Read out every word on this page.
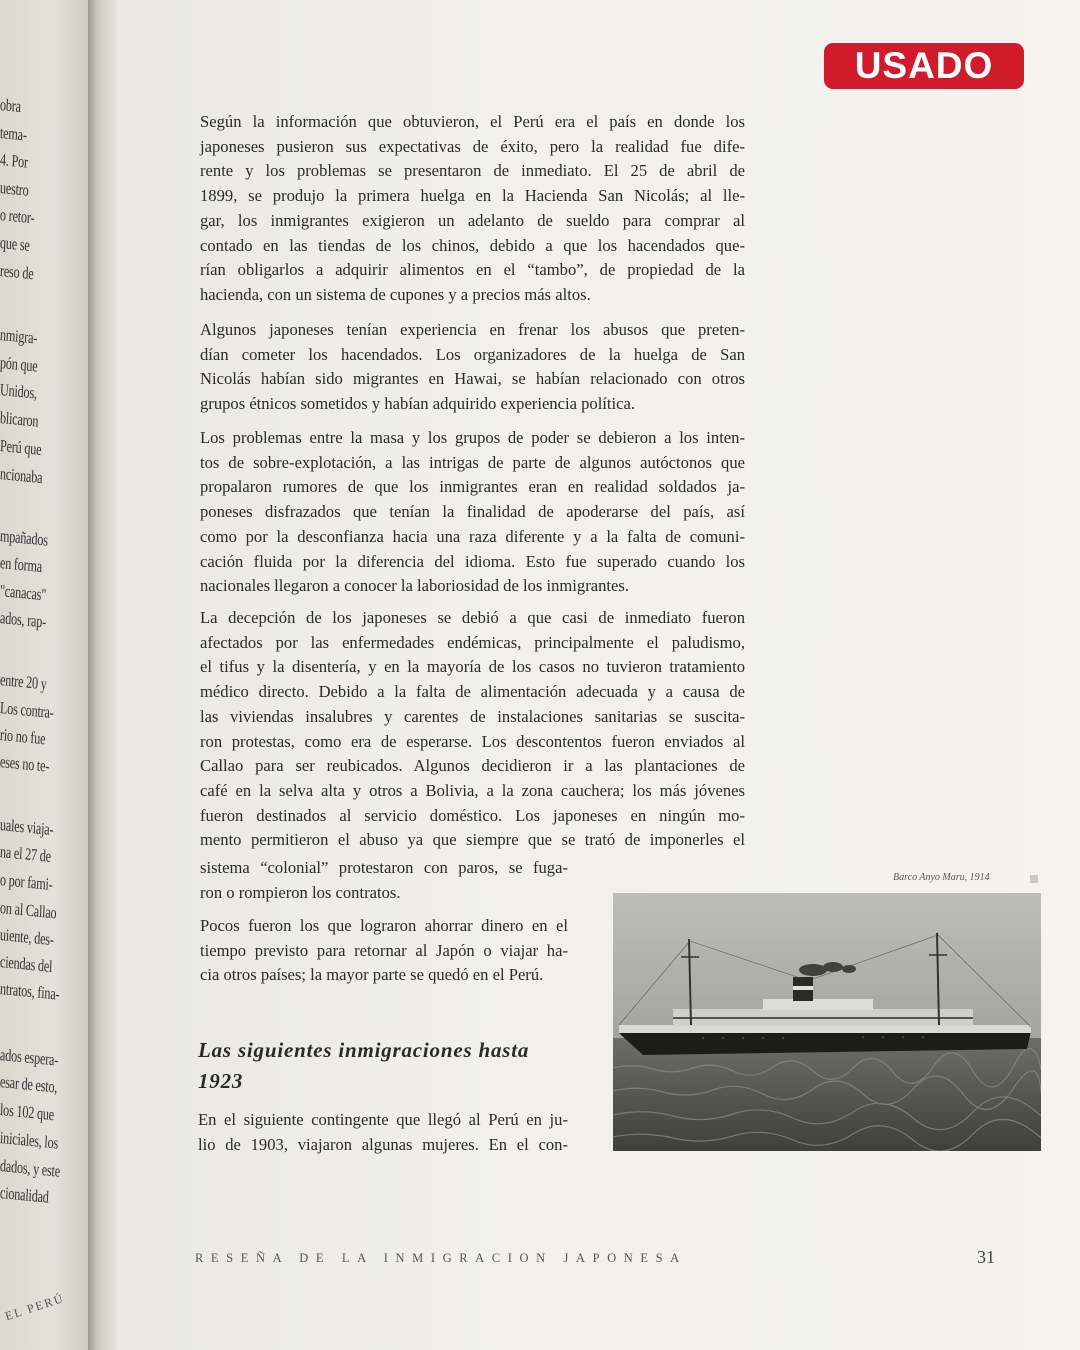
EL PERÚ
obra
tema-
4. Por
uestro
o retor-
que se
reso de
nmigra-
pón que
Unidos,
blicaron
Perú que
ncionaba
mpañados
en forma
"canacas"
ados, rap-
entre 20 y
Los contra-
rio no fue
eses no te-
uales viaja-
na el 27 de
o por fami-
on al Callao
uiente, des-
ciendas del
ntratos, fina-
ados espera-
esar de esto,
los 102 que
iniciales, los
dados, y este
cionalidad
USADO
Según la información que obtuvieron, el Perú era el país en donde los
japoneses pusieron sus expectativas de éxito, pero la realidad fue dife-
rente y los problemas se presentaron de inmediato. El 25 de abril de
1899, se produjo la primera huelga en la Hacienda San Nicolás; al lle-
gar, los inmigrantes exigieron un adelanto de sueldo para comprar al
contado en las tiendas de los chinos, debido a que los hacendados que-
rían obligarlos a adquirir alimentos en el “tambo”, de propiedad de la
hacienda, con un sistema de cupones y a precios más altos.
Algunos japoneses tenían experiencia en frenar los abusos que preten-
dían cometer los hacendados. Los organizadores de la huelga de San
Nicolás habían sido migrantes en Hawai, se habían relacionado con otros
grupos étnicos sometidos y habían adquirido experiencia política.
Los problemas entre la masa y los grupos de poder se debieron a los inten-
tos de sobre-explotación, a las intrigas de parte de algunos autóctonos que
propalaron rumores de que los inmigrantes eran en realidad soldados ja-
poneses disfrazados que tenían la finalidad de apoderarse del país, así
como por la desconfianza hacia una raza diferente y a la falta de comuni-
cación fluida por la diferencia del idioma. Esto fue superado cuando los
nacionales llegaron a conocer la laboriosidad de los inmigrantes.
La decepción de los japoneses se debió a que casi de inmediato fueron
afectados por las enfermedades endémicas, principalmente el paludismo,
el tifus y la disentería, y en la mayoría de los casos no tuvieron tratamiento
médico directo. Debido a la falta de alimentación adecuada y a causa de
las viviendas insalubres y carentes de instalaciones sanitarias se suscita-
ron protestas, como era de esperarse. Los descontentos fueron enviados al
Callao para ser reubicados. Algunos decidieron ir a las plantaciones de
café en la selva alta y otros a Bolivia, a la zona cauchera; los más jóvenes
fueron destinados al servicio doméstico. Los japoneses en ningún mo-
mento permitieron el abuso ya que siempre que se trató de imponerles el
sistema “colonial” protestaron con paros, se fuga-
ron o rompieron los contratos.
Pocos fueron los que lograron ahorrar dinero en el
tiempo previsto para retornar al Japón o viajar ha-
cia otros países; la mayor parte se quedó en el Perú.
Las siguientes inmigraciones hasta
1923
En el siguiente contingente que llegó al Perú en ju-
lio de 1903, viajaron algunas mujeres. En el con-
Barco Anyo Maru, 1914
RESEÑA DE LA INMIGRACION JAPONESA	31
